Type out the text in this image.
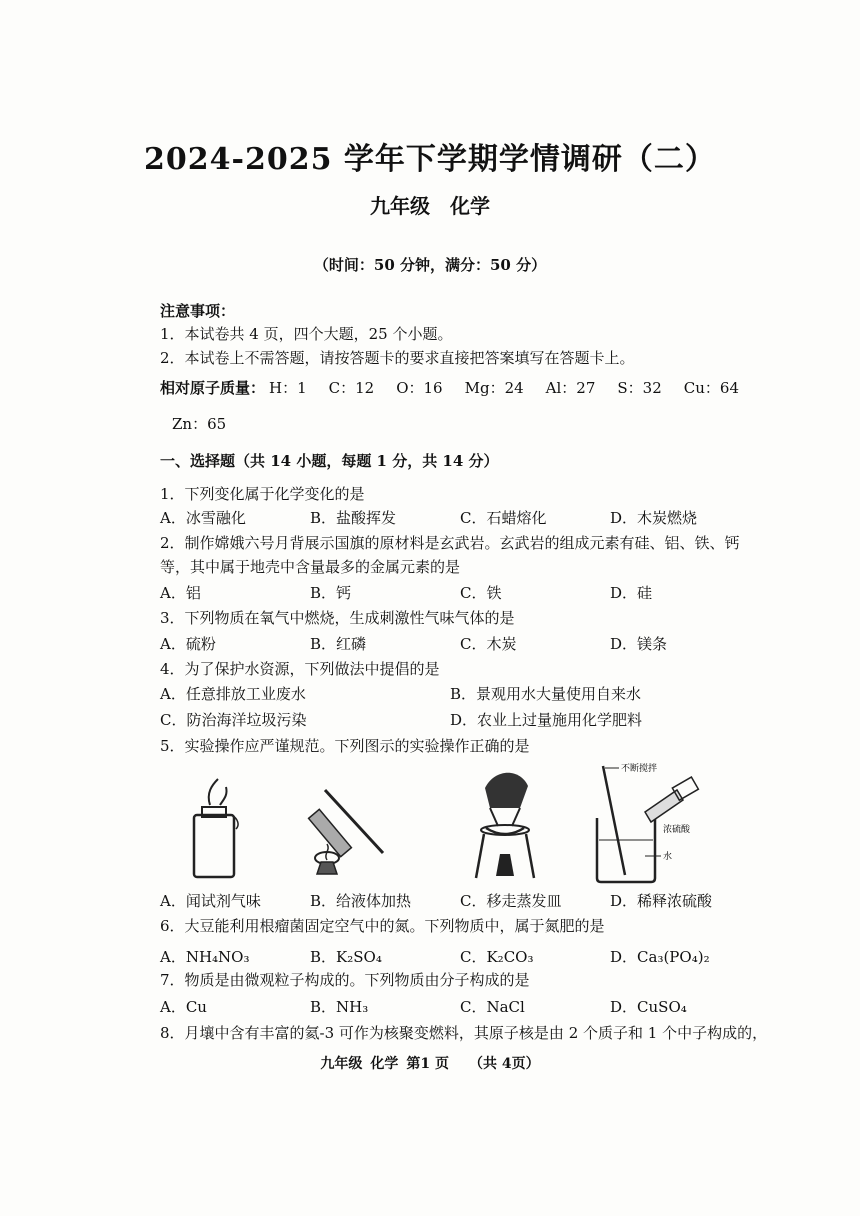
2024-2025 学年下学期学情调研（二）
九年级　化学
（时间：50 分钟，满分：50 分）
注意事项：
1．本试卷共 4 页，四个大题，25 个小题。
2．本试卷上不需答题，请按答题卡的要求直接把答案填写在答题卡上。
相对原子质量： H：1 C：12 O：16 Mg：24 Al：27 S：32 Cu：64
Zn：65
一、选择题（共 14 小题，每题 1 分，共 14 分）
1．下列变化属于化学变化的是
A．冰雪融化	B．盐酸挥发	C．石蜡熔化	D．木炭燃烧
2．制作嫦娥六号月背展示国旗的原材料是玄武岩。玄武岩的组成元素有硅、铝、铁、钙
等，其中属于地壳中含量最多的金属元素的是
A．铝	B．钙	C．铁	D．硅
3．下列物质在氧气中燃烧，生成刺激性气味气体的是
A．硫粉	B．红磷	C．木炭	D．镁条
4．为了保护水资源，下列做法中提倡的是
A．任意排放工业废水	B．景观用水大量使用自来水
C．防治海洋垃圾污染	D．农业上过量施用化学肥料
5．实验操作应严谨规范。下列图示的实验操作正确的是
不断搅拌
浓硫酸
水
A．闻试剂气味	B．给液体加热	C．移走蒸发皿	D．稀释浓硫酸
6．大豆能利用根瘤菌固定空气中的氮。下列物质中，属于氮肥的是
A．NH₄NO₃	B．K₂SO₄	C．K₂CO₃	D．Ca₃(PO₄)₂
7．物质是由微观粒子构成的。下列物质由分子构成的是
A．Cu	B．NH₃	C．NaCl	D．CuSO₄
8．月壤中含有丰富的氦-3 可作为核聚变燃料，其原子核是由 2 个质子和 1 个中子构成的，
九年级 化学 第1 页 （共 4页）
